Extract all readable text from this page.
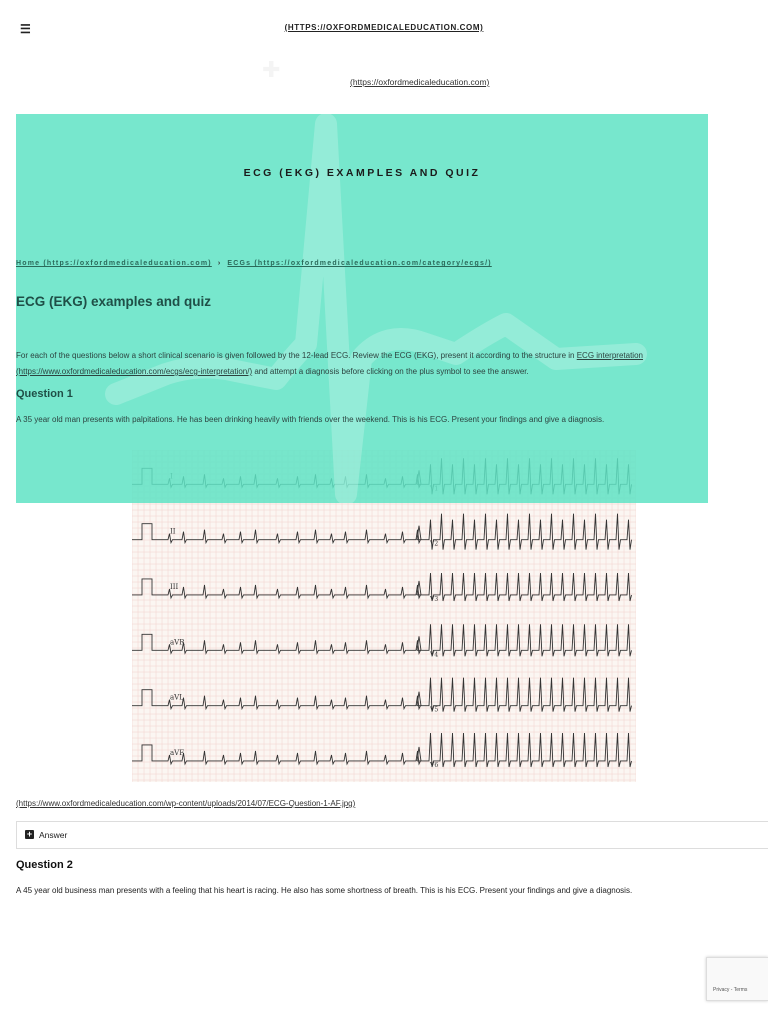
☰	(HTTPS://OXFORDMEDICALEDUCATION.COM)
✚	(https://oxfordmedicaleducation.com)
II
V2
III
V3
aVR
V4
aVL
V5
aVF
V6
ECG (EKG) EXAMPLES AND QUIZ
Home (https://oxfordmedicaleducation.com) › ECGs (https://oxfordmedicaleducation.com/category/ecgs/)
ECG (EKG) examples and quiz
For each of the questions below a short clinical scenario is given followed by the 12-lead ECG. Review the ECG (EKG), present it according to the structure in ECG interpretation (https://www.oxfordmedicaleducation.com/ecgs/ecg-interpretation/) and attempt a diagnosis before clicking on the plus symbol to see the answer.
Question 1
A 35 year old man presents with palpitations. He has been drinking heavily with friends over the weekend. This is his ECG. Present your findings and give a diagnosis.
(https://www.oxfordmedicaleducation.com/wp-content/uploads/2014/07/ECG-Question-1-AF.jpg)
+ Answer
Question 2
A 45 year old business man presents with a feeling that his heart is racing. He also has some shortness of breath. This is his ECG. Present your findings and give a diagnosis.
Privacy - Terms
